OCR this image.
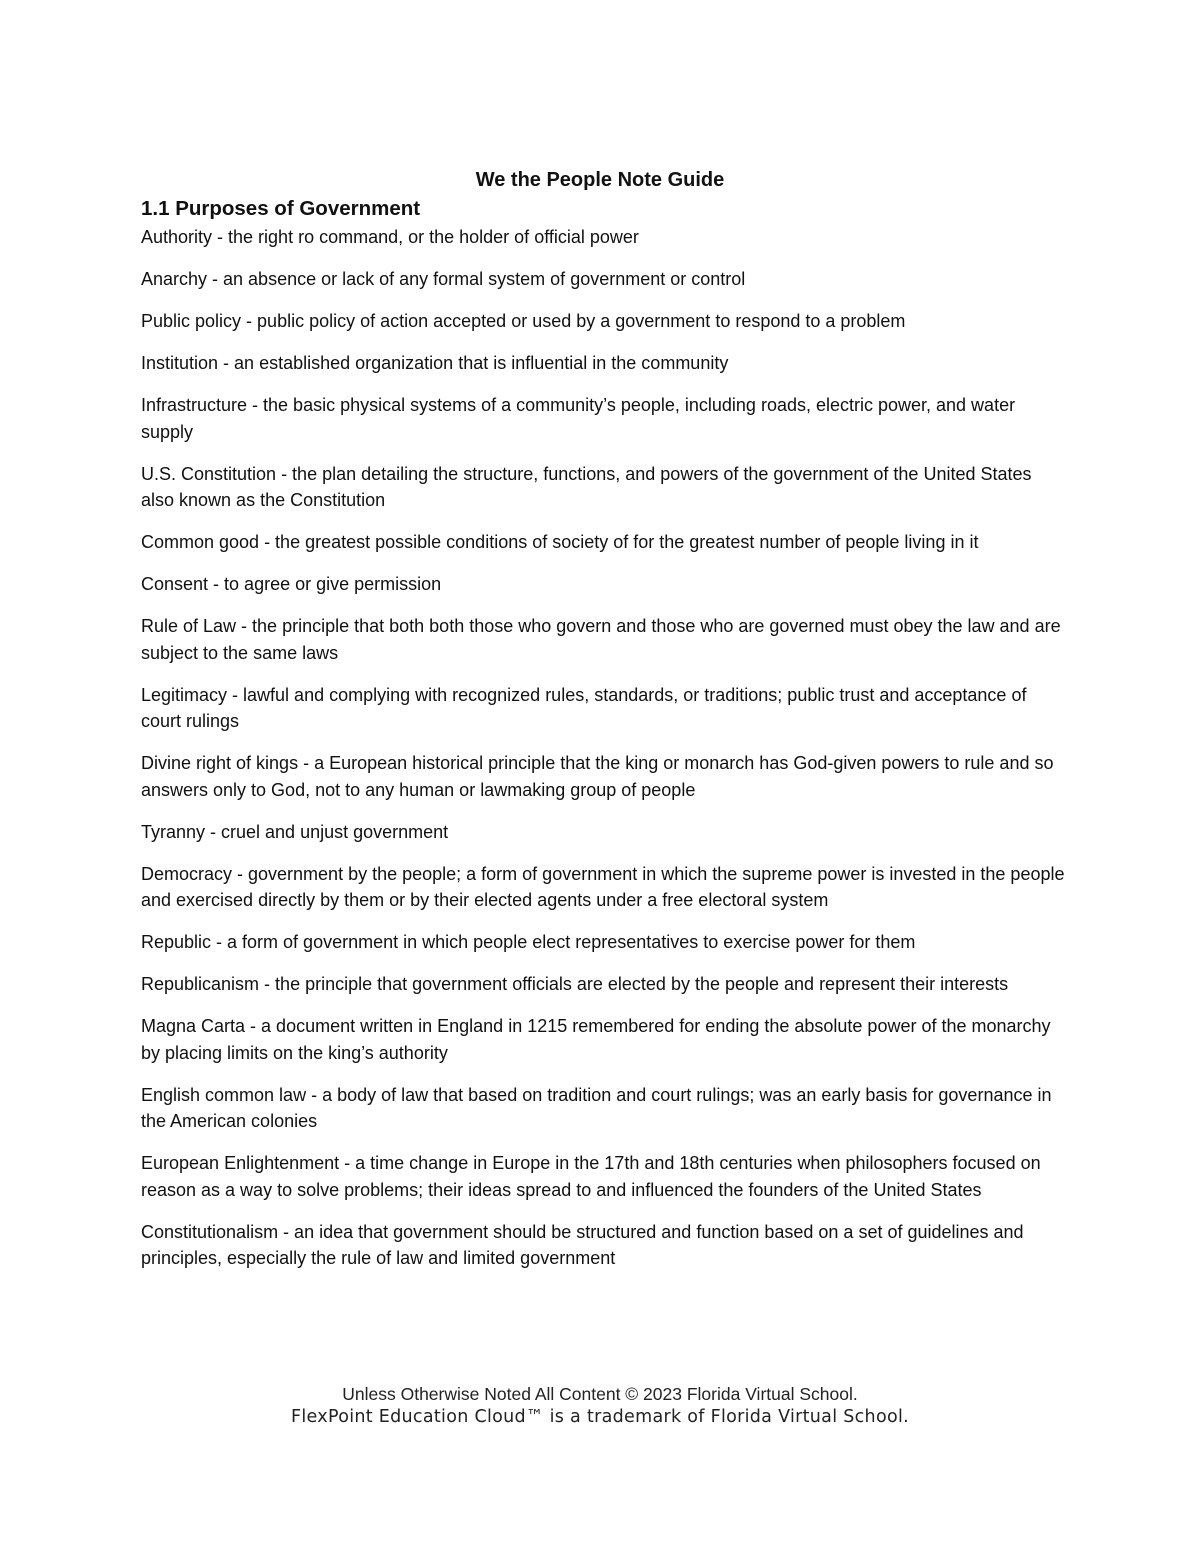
We the People Note Guide
1.1 Purposes of Government

Authority - the right ro command, or the holder of official power

Anarchy - an absence or lack of any formal system of government or control

Public policy - public policy of action accepted or used by a government to respond to a problem

Institution - an established organization that is influential in the community

Infrastructure - the basic physical systems of a community’s people, including roads, electric power, and water supply

U.S. Constitution - the plan detailing the structure, functions, and powers of the government of the United States also known as the Constitution

Common good - the greatest possible conditions of society of for the greatest number of people living in it

Consent - to agree or give permission

Rule of Law - the principle that both both those who govern and those who are governed must obey the law and are subject to the same laws

Legitimacy - lawful and complying with recognized rules, standards, or traditions; public trust and acceptance of court rulings

Divine right of kings - a European historical principle that the king or monarch has God-given powers to rule and so answers only to God, not to any human or lawmaking group of people

Tyranny - cruel and unjust government

Democracy - government by the people; a form of government in which the supreme power is invested in the people and exercised directly by them or by their elected agents under a free electoral system

Republic - a form of government in which people elect representatives to exercise power for them

Republicanism - the principle that government officials are elected by the people and represent their interests

Magna Carta - a document written in England in 1215 remembered for ending the absolute power of the monarchy by placing limits on the king’s authority

English common law - a body of law that based on tradition and court rulings; was an early basis for governance in the American colonies

European Enlightenment - a time change in Europe in the 17th and 18th centuries when philosophers focused on reason as a way to solve problems; their ideas spread to and influenced the founders of the United States

Constitutionalism - an idea that government should be structured and function based on a set of guidelines and principles, especially the rule of law and limited government

Unless Otherwise Noted All Content © 2023 Florida Virtual School.
FlexPoint Education Cloud™ is a trademark of Florida Virtual School.
